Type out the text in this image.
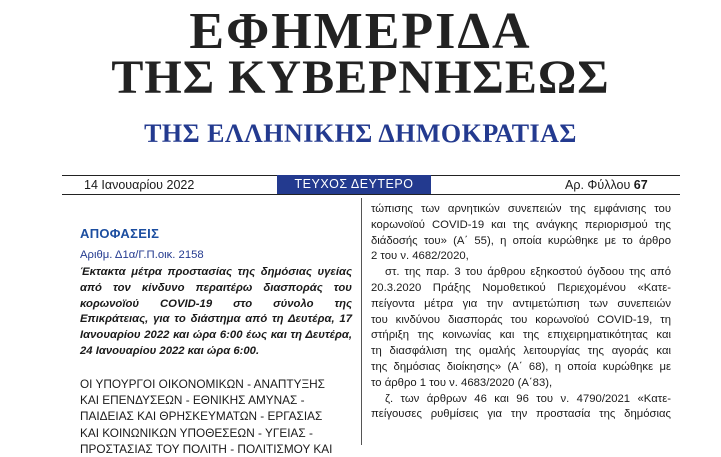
ΕΦΗΜΕΡΙΔΑ

ΤΗΣ ΚΥΒΕΡΝΗΣΕΩΣ

ΤΗΣ ΕΛΛΗΝΙΚΗΣ ΔΗΜΟΚΡΑΤΙΑΣ

14 Ιανουαρίου 2022	ΤΕΥΧΟΣ ΔΕΥΤΕΡΟ	Αρ. Φύλλου 67

ΑΠΟΦΑΣΕΙΣ

Αριθμ. Δ1α/Γ.Π.οικ. 2158

Έκτακτα μέτρα προστασίας της δημόσιας υγείας από τον κίνδυνο περαιτέρω διασποράς του κορωνοϊού COVID-19 στο σύνολο της Επικράτειας, για το διάστημα από τη Δευτέρα, 17 Ιανουαρίου 2022 και ώρα 6:00 έως και τη Δευτέρα, 24 Ιανουαρίου 2022 και ώρα 6:00.

ΟΙ ΥΠΟΥΡΓΟΙ ΟΙΚΟΝΟΜΙΚΩΝ - ΑΝΑΠΤΥΞΗΣ
ΚΑΙ ΕΠΕΝΔΥΣΕΩΝ - ΕΘΝΙΚΗΣ ΑΜΥΝΑΣ -
ΠΑΙΔΕΙΑΣ ΚΑΙ ΘΡΗΣΚΕΥΜΑΤΩΝ - ΕΡΓΑΣΙΑΣ
ΚΑΙ ΚΟΙΝΩΝΙΚΩΝ ΥΠΟΘΕΣΕΩΝ - ΥΓΕΙΑΣ -
ΠΡΟΣΤΑΣΙΑΣ ΤΟΥ ΠΟΛΙΤΗ - ΠΟΛΙΤΙΣΜΟΥ ΚΑΙ

τώπισης των αρνητικών συνεπειών της εμφάνισης του
κορωνοϊού COVID-19 και της ανάγκης περιορισμού της
διάδοσής του» (Α΄ 55), η οποία κυρώθηκε με το άρθρο
2 του ν. 4682/2020,
στ. της παρ. 3 του άρθρου εξηκοστού όγδοου της από
20.3.2020 Πράξης Νομοθετικού Περιεχομένου «Κατε-
πείγοντα μέτρα για την αντιμετώπιση των συνεπειών
του κινδύνου διασποράς του κορωνοϊού COVID-19, τη
στήριξη της κοινωνίας και της επιχειρηματικότητας και
τη διασφάλιση της ομαλής λειτουργίας της αγοράς και
της δημόσιας διοίκησης» (Α΄ 68), η οποία κυρώθηκε με
το άρθρο 1 του ν. 4683/2020 (Α΄83),
ζ. των άρθρων 46 και 96 του ν. 4790/2021 «Κατε-
πείγουσες ρυθμίσεις για την προστασία της δημόσιας
